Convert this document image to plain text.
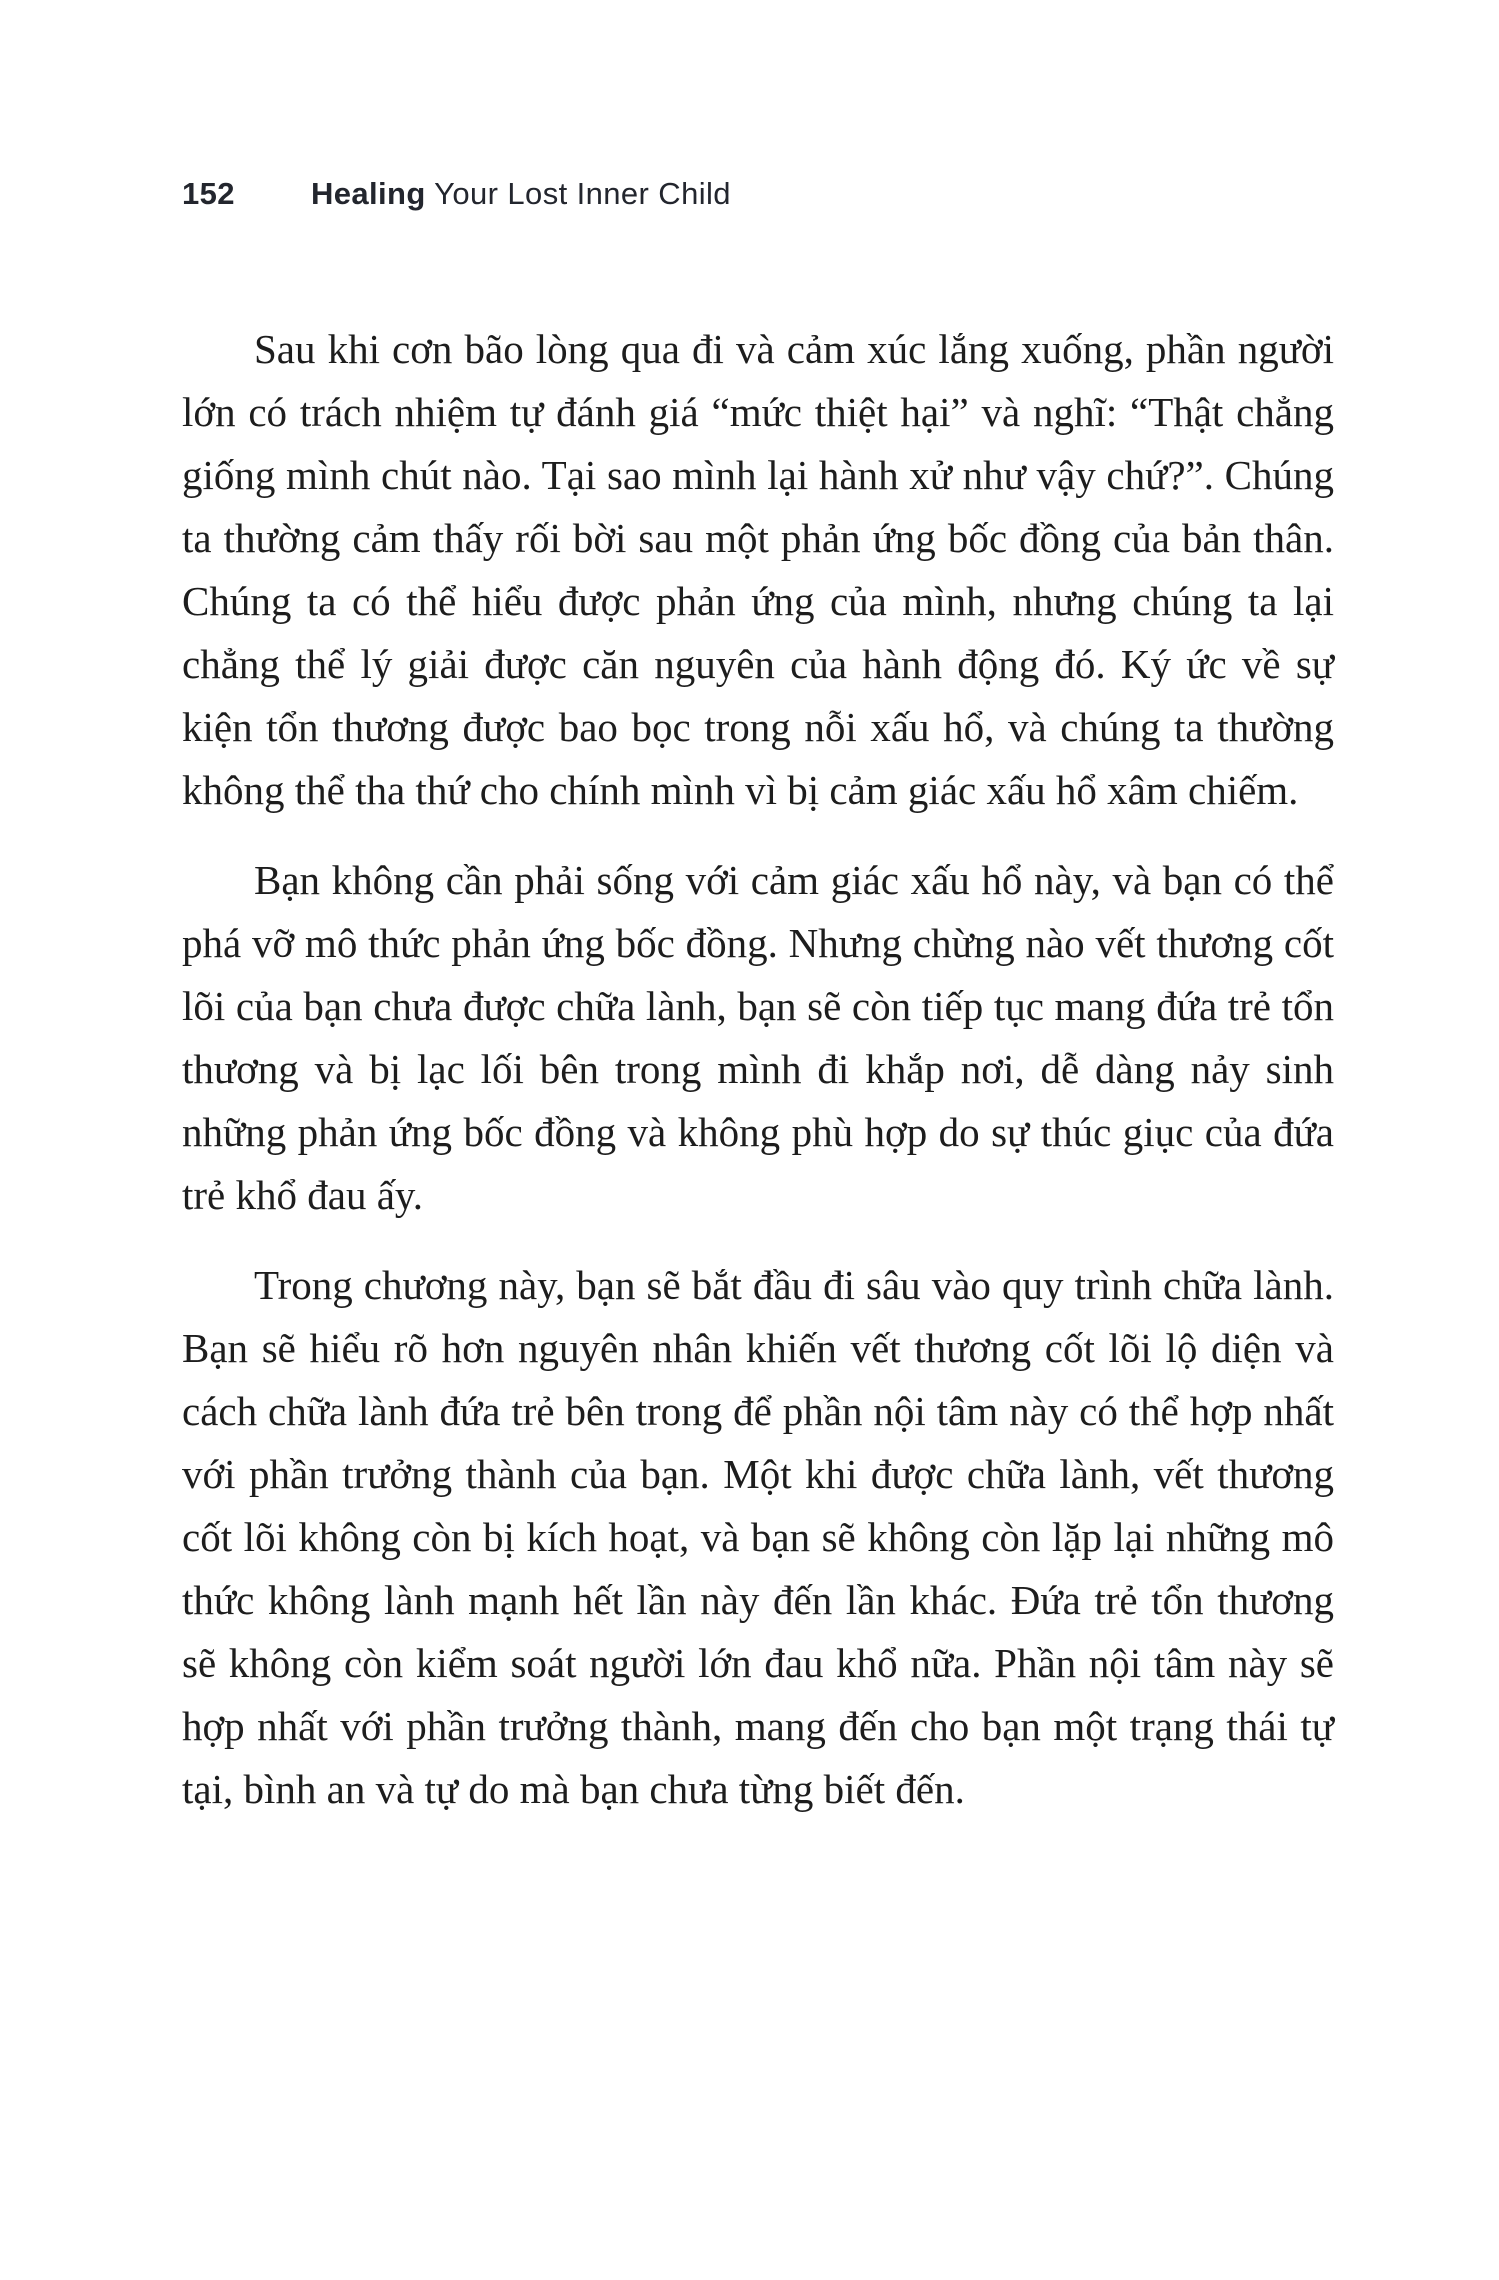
152 Healing Your Lost Inner Child

Sau khi cơn bão lòng qua đi và cảm xúc lắng xuống, phần người lớn có trách nhiệm tự đánh giá “mức thiệt hại” và nghĩ: “Thật chẳng giống mình chút nào. Tại sao mình lại hành xử như vậy chứ?”. Chúng ta thường cảm thấy rối bời sau một phản ứng bốc đồng của bản thân. Chúng ta có thể hiểu được phản ứng của mình, nhưng chúng ta lại chẳng thể lý giải được căn nguyên của hành động đó. Ký ức về sự kiện tổn thương được bao bọc trong nỗi xấu hổ, và chúng ta thường không thể tha thứ cho chính mình vì bị cảm giác xấu hổ xâm chiếm.

Bạn không cần phải sống với cảm giác xấu hổ này, và bạn có thể phá vỡ mô thức phản ứng bốc đồng. Nhưng chừng nào vết thương cốt lõi của bạn chưa được chữa lành, bạn sẽ còn tiếp tục mang đứa trẻ tổn thương và bị lạc lối bên trong mình đi khắp nơi, dễ dàng nảy sinh những phản ứng bốc đồng và không phù hợp do sự thúc giục của đứa trẻ khổ đau ấy.

Trong chương này, bạn sẽ bắt đầu đi sâu vào quy trình chữa lành. Bạn sẽ hiểu rõ hơn nguyên nhân khiến vết thương cốt lõi lộ diện và cách chữa lành đứa trẻ bên trong để phần nội tâm này có thể hợp nhất với phần trưởng thành của bạn. Một khi được chữa lành, vết thương cốt lõi không còn bị kích hoạt, và bạn sẽ không còn lặp lại những mô thức không lành mạnh hết lần này đến lần khác. Đứa trẻ tổn thương sẽ không còn kiểm soát người lớn đau khổ nữa. Phần nội tâm này sẽ hợp nhất với phần trưởng thành, mang đến cho bạn một trạng thái tự tại, bình an và tự do mà bạn chưa từng biết đến.
